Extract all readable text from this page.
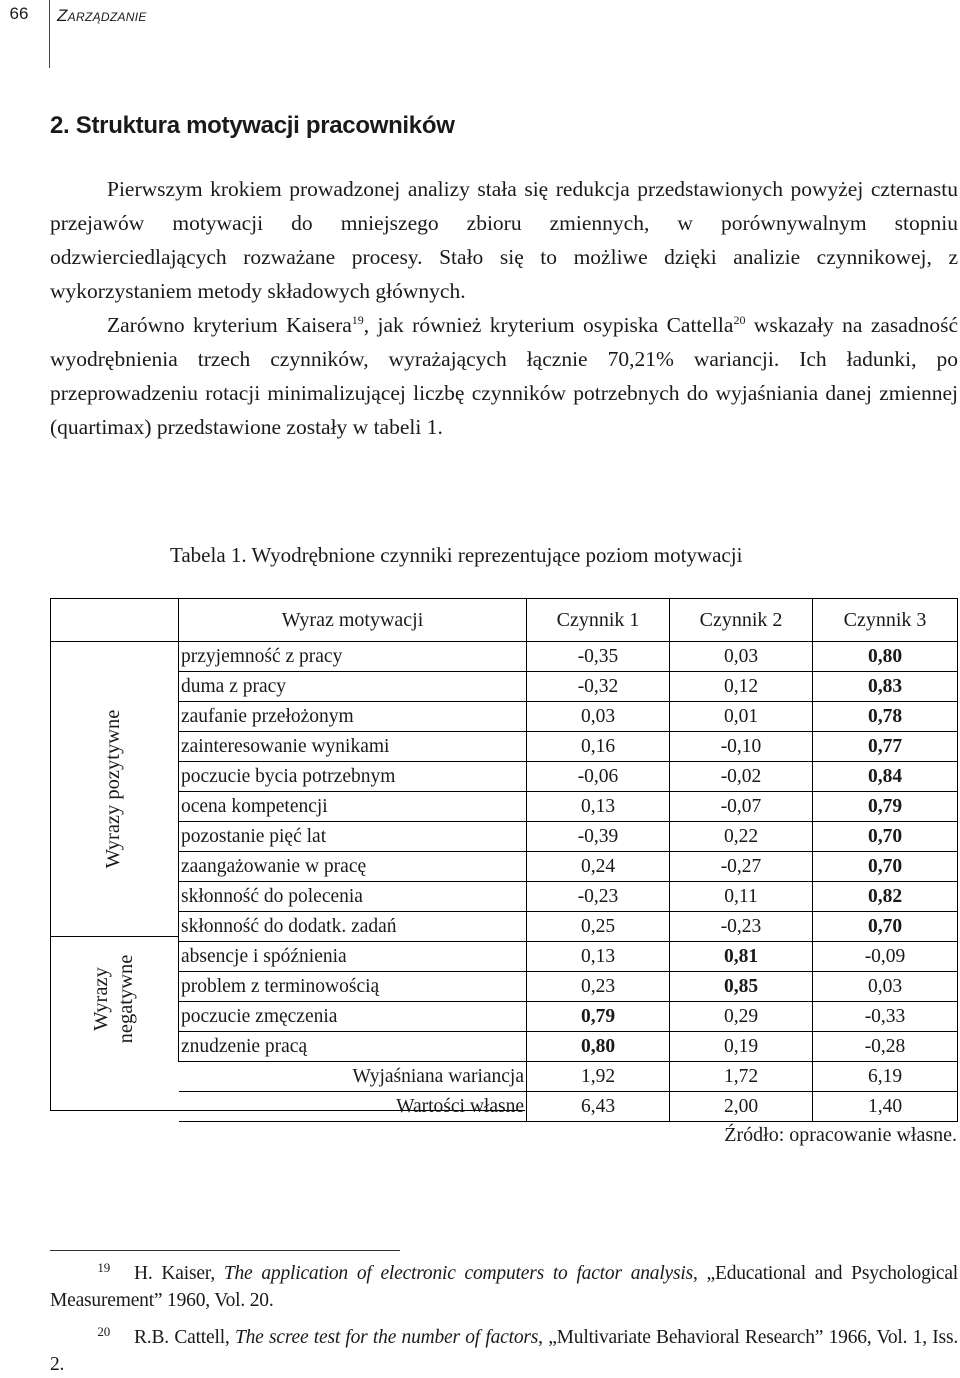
66	Zarządzanie
2. Struktura motywacji pracowników

Pierwszym krokiem prowadzonej analizy stała się redukcja przedstawionych powyżej czternastu przejawów motywacji do mniejszego zbioru zmiennych, w porównywalnym stopniu odzwierciedlających rozważane procesy. Stało się to możliwe dzięki analizie czynnikowej, z wykorzystaniem metody składowych głównych.

Zarówno kryterium Kaisera$^{19}$, jak również kryterium osypiska Cattella$^{20}$ wskazały na zasadność wyodrębnienia trzech czynników, wyrażających łącznie 70,21% wariancji. Ich ładunki, po przeprowadzeniu rotacji minimalizującej liczbę czynników potrzebnych do wyjaśniania danej zmiennej (quartimax) przedstawione zostały w tabeli 1.

Tabela 1. Wyodrębnione czynniki reprezentujące poziom motywacji
Wyrazy pozytywne
Wyrazy negatywne
Wyraz motywacji	Czynnik 1	Czynnik 2	Czynnik 3
przyjemność z pracy	-0,35	0,03	0,80
duma z pracy	-0,32	0,12	0,83
zaufanie przełożonym	0,03	0,01	0,78
zainteresowanie wynikami	0,16	-0,10	0,77
poczucie bycia potrzebnym	-0,06	-0,02	0,84
ocena kompetencji	0,13	-0,07	0,79
pozostanie pięć lat	-0,39	0,22	0,70
zaangażowanie w pracę	0,24	-0,27	0,70
skłonność do polecenia	-0,23	0,11	0,82
skłonność do dodatk. zadań	0,25	-0,23	0,70
absencje i spóźnienia	0,13	0,81	-0,09
problem z terminowością	0,23	0,85	0,03
poczucie zmęczenia	0,79	0,29	-0,33
znudzenie pracą	0,80	0,19	-0,28
Wyjaśniana wariancja	1,92	1,72	6,19
Wartości własne	6,43	2,00	1,40
Źródło: opracowanie własne.
$^{19}$ H. Kaiser, The application of electronic computers to factor analysis, „Educational and Psychological Measurement” 1960, Vol. 20.
$^{20}$ R.B. Cattell, The scree test for the number of factors, „Multivariate Behavioral Research” 1966, Vol. 1, Iss. 2.
